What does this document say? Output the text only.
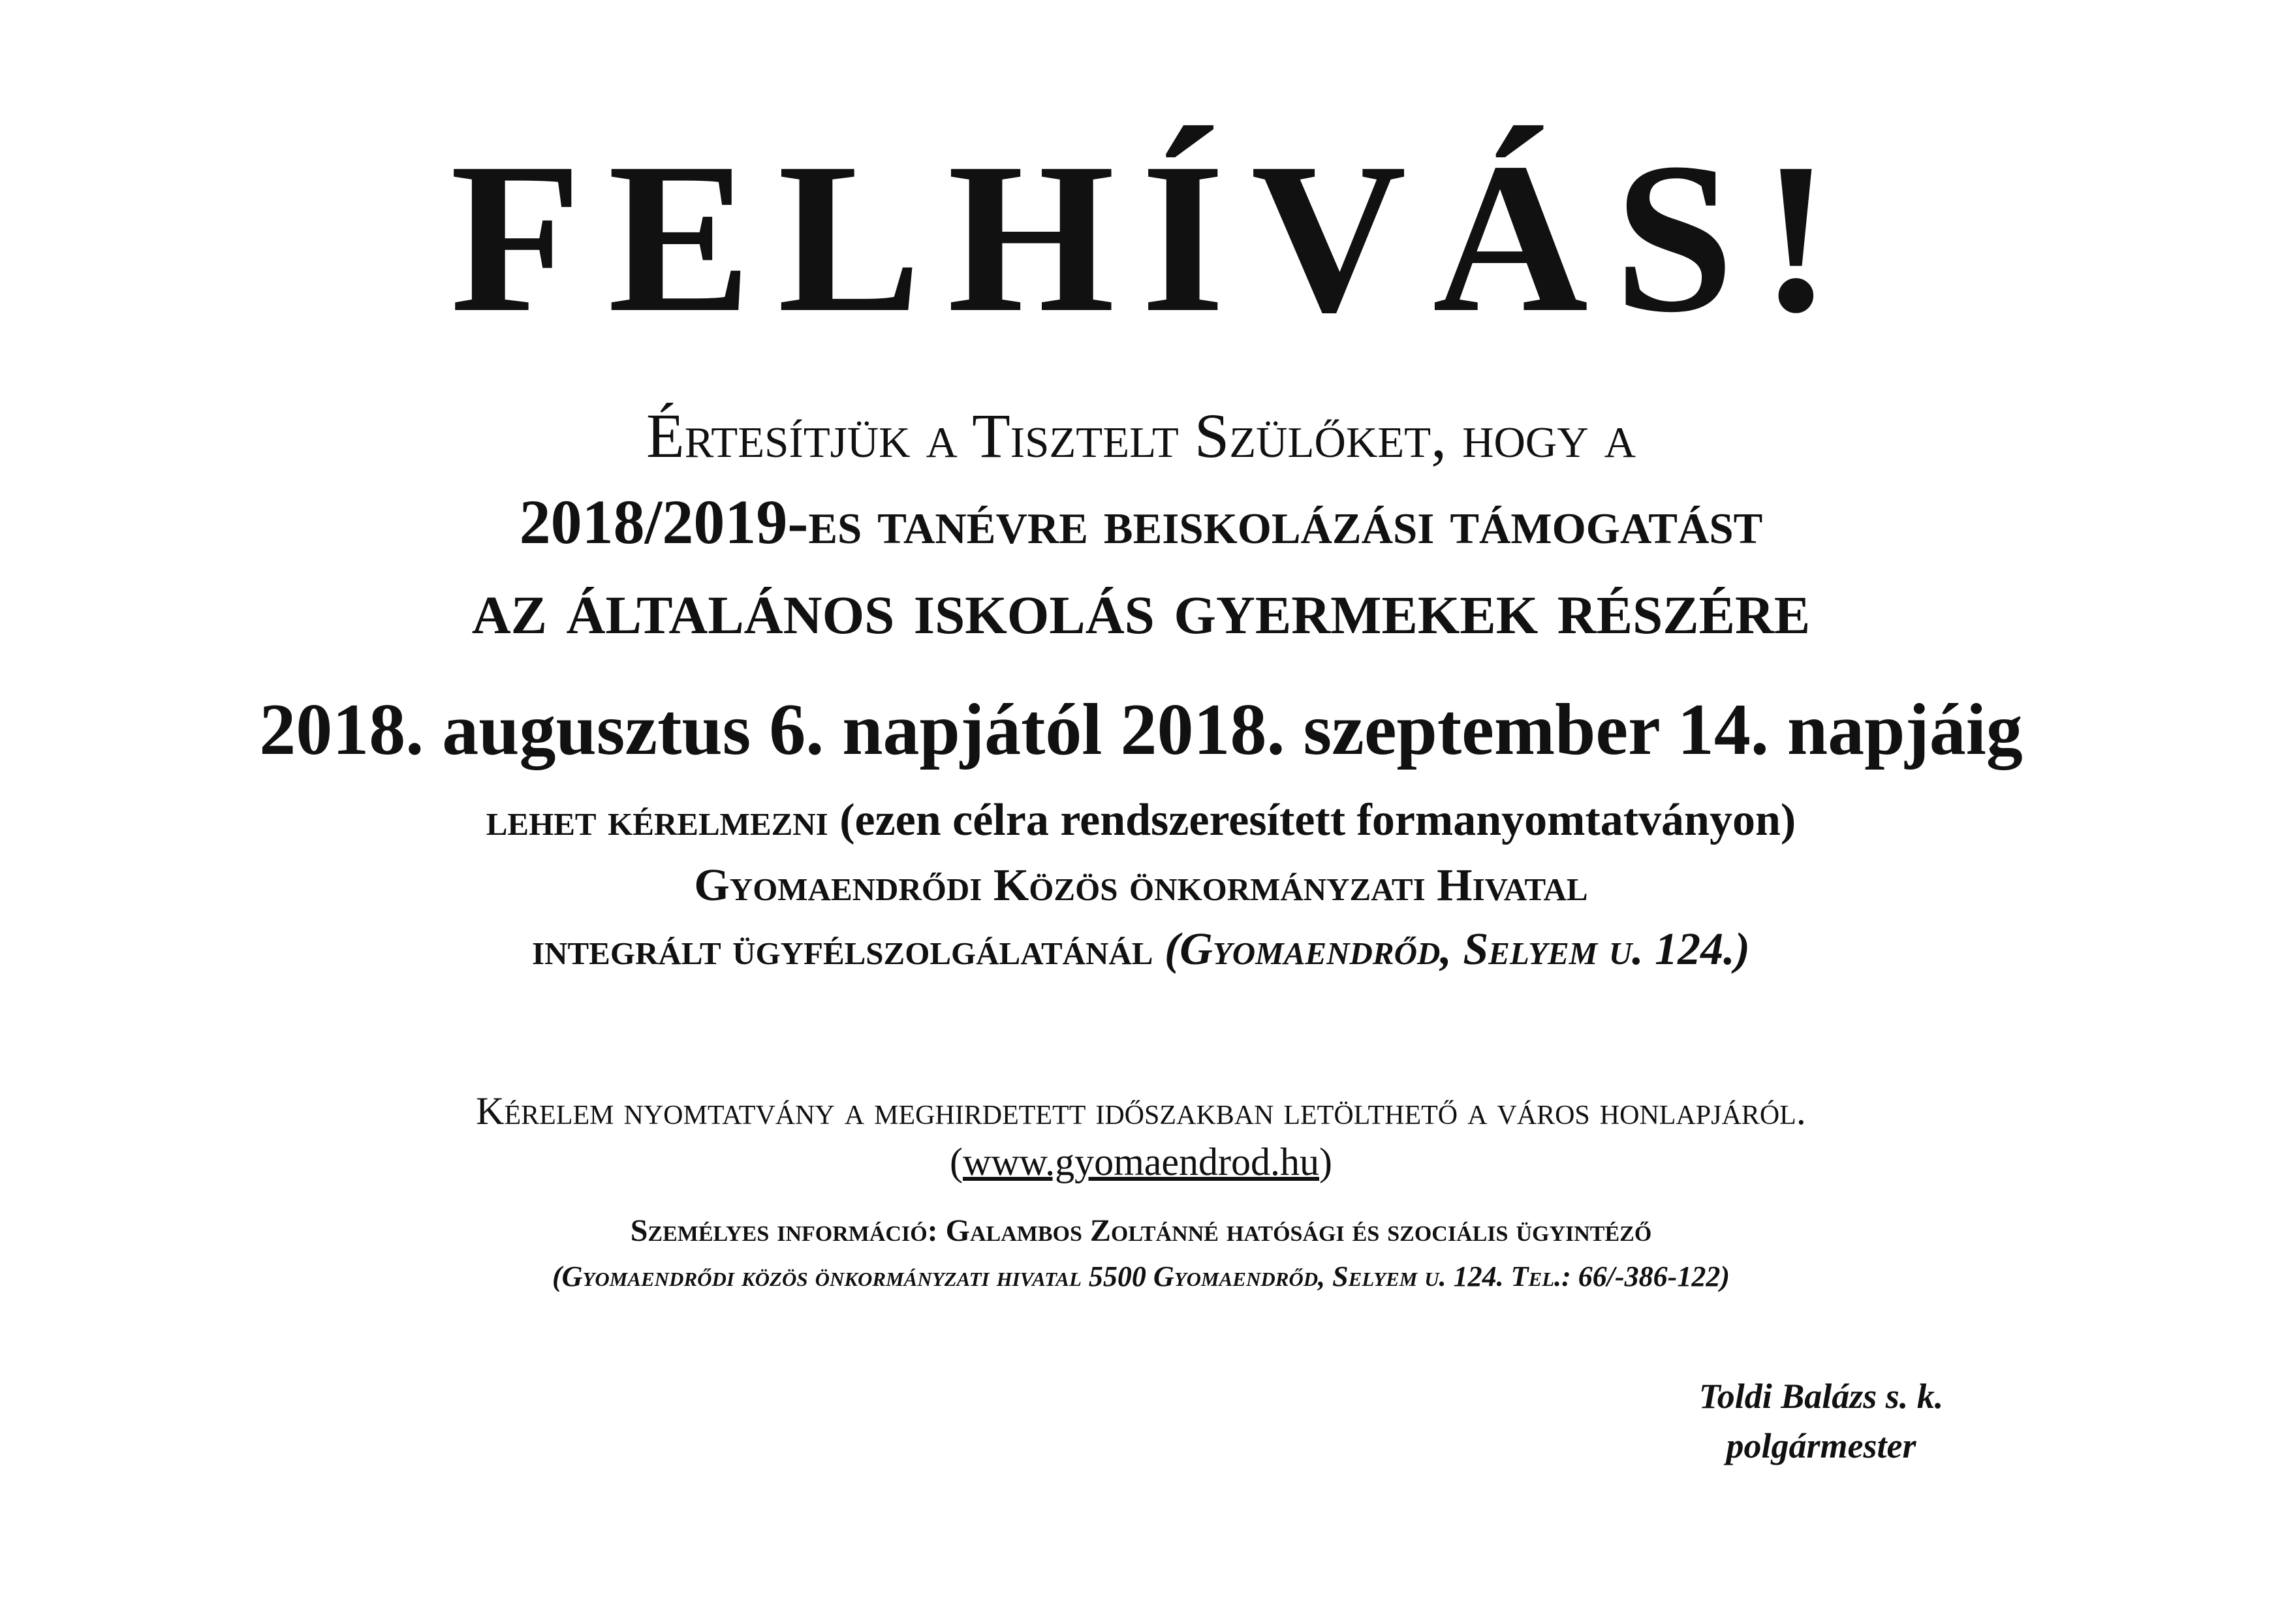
FELHÍVÁS!
Értesítjük a Tisztelt Szülőket, hogy a
2018/2019-es tanévre beiskolázási támogatást
az általános iskolás gyermekek részére
2018. augusztus 6. napjától 2018. szeptember 14. napjáig
lehet kérelmezni (ezen célra rendszeresített formanyomtatványon)
Gyomaendrődi Közös önkormányzati Hivatal
integrált ügyfélszolgálatánál (Gyomaendrőd, Selyem u. 124.)
Kérelem nyomtatvány a meghirdetett időszakban letölthető a város honlapjáról.
(www.gyomaendrod.hu)
Személyes információ: Galambos Zoltánné hatósági és szociális ügyintéző
(Gyomaendrődi közös önkormányzati hivatal 5500 Gyomaendrőd, Selyem u. 124. Tel.: 66/-386-122)
Toldi Balázs s. k.
polgármester
